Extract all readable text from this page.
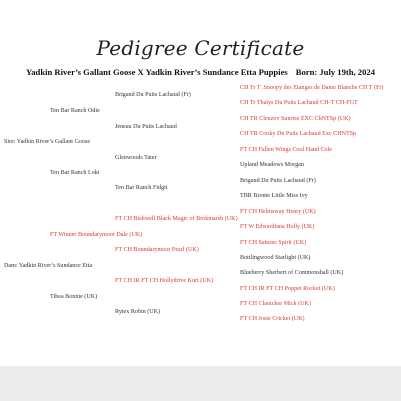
Pedigree Certificate
Yadkin River’s Gallant Goose X Yadkin River’s Sundance Etta Puppies Born: July 19th, 2024
Sire: Yadkin River’s Gallant Goose
Dam: Yadkin River’s Sundance Etta
Ten Bar Ranch Odie
Ten Bar Ranch Loki
FT Winner Boundarymoor Dale (UK)
Tibea Bonnie (UK)
Brigand Du Puits Lachaud (Fr)
Jeneau Du Puits Lachaud
Glenwoods Tater
Ten Bar Ranch Fidgit
FT CH Bishwell Black Magic of Brokmarsh (UK)
FT CH Boundarymoor Pearl (UK)
FT CH IR FT CH Hollydrive Kurt (UK)
Rytex Robin (UK)
CH Tr T .Snoopy des Etanges de Dame Blanche CH T (Fr)
CH Tr Thalys Du Puits Lachaud CH-T CH-FGT
CH TR Cleuzov Sunrise EXC ChNTSp (UK)
CH TR Cooky Du Puits Lachaud Exc CHNTSp
FT CH Fallen Wings Cool Hand Cole
Upland Meadows Morgan
Brigand Du Puits Lachaud (Fr)
TBR Bronte Little Miss Ivy
FT CH Helmsway Henry (UK)
FT W Edwardiana Holly (UK)
FT CH Saturns Spirit (UK)
Bottlingwood Starlight (UK)
Blueberry Sherbert of Commonshall (UK)
FT CH IR FT CH Poppet Rocket (UK)
FT CH Clanicker Mick (UK)
FT CH Josie Cricket (UK)
